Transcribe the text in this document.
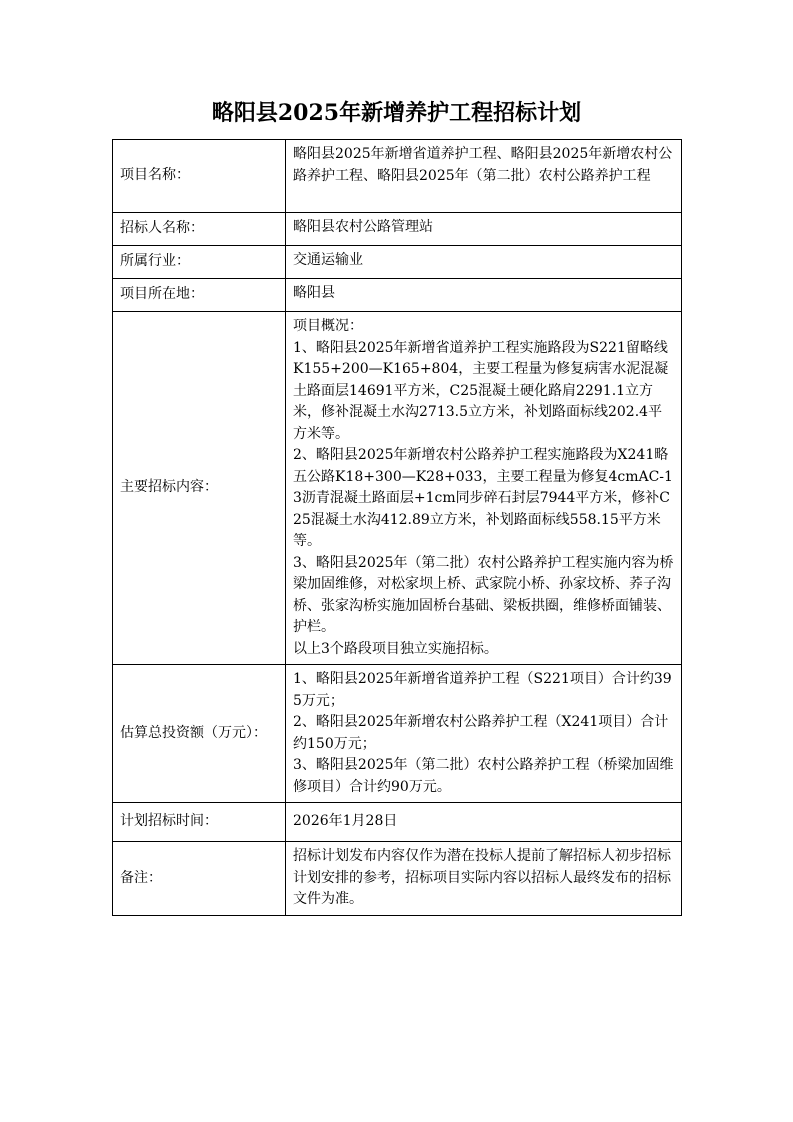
略阳县2025年新增养护工程招标计划
项目名称：	略阳县2025年新增省道养护工程、略阳县2025年新增农村公路养护工程、略阳县2025年（第二批）农村公路养护工程
招标人名称：	略阳县农村公路管理站
所属行业：	交通运输业
项目所在地：	略阳县
主要招标内容：	项目概况：
1、略阳县2025年新增省道养护工程实施路段为S221留略线K155+200—K165+804，主要工程量为修复病害水泥混凝土路面层14691平方米，C25混凝土硬化路肩2291.1立方米，修补混凝土水沟2713.5立方米，补划路面标线202.4平方米等。
2、略阳县2025年新增农村公路养护工程实施路段为X241略五公路K18+300—K28+033，主要工程量为修复4cmAC-13沥青混凝土路面层+1cm同步碎石封层7944平方米，修补C25混凝土水沟412.89立方米，补划路面标线558.15平方米等。
3、略阳县2025年（第二批）农村公路养护工程实施内容为桥梁加固维修，对松家坝上桥、武家院小桥、孙家坟桥、荞子沟桥、张家沟桥实施加固桥台基础、梁板拱圈，维修桥面铺装、护栏。
以上3个路段项目独立实施招标。

估算总投资额（万元）：	1、略阳县2025年新增省道养护工程（S221项目）合计约395万元；
2、略阳县2025年新增农村公路养护工程（X241项目）合计约150万元；
3、略阳县2025年（第二批）农村公路养护工程（桥梁加固维修项目）合计约90万元。

计划招标时间：	2026年1月28日
备注：	招标计划发布内容仅作为潜在投标人提前了解招标人初步招标计划安排的参考，招标项目实际内容以招标人最终发布的招标文件为准。
